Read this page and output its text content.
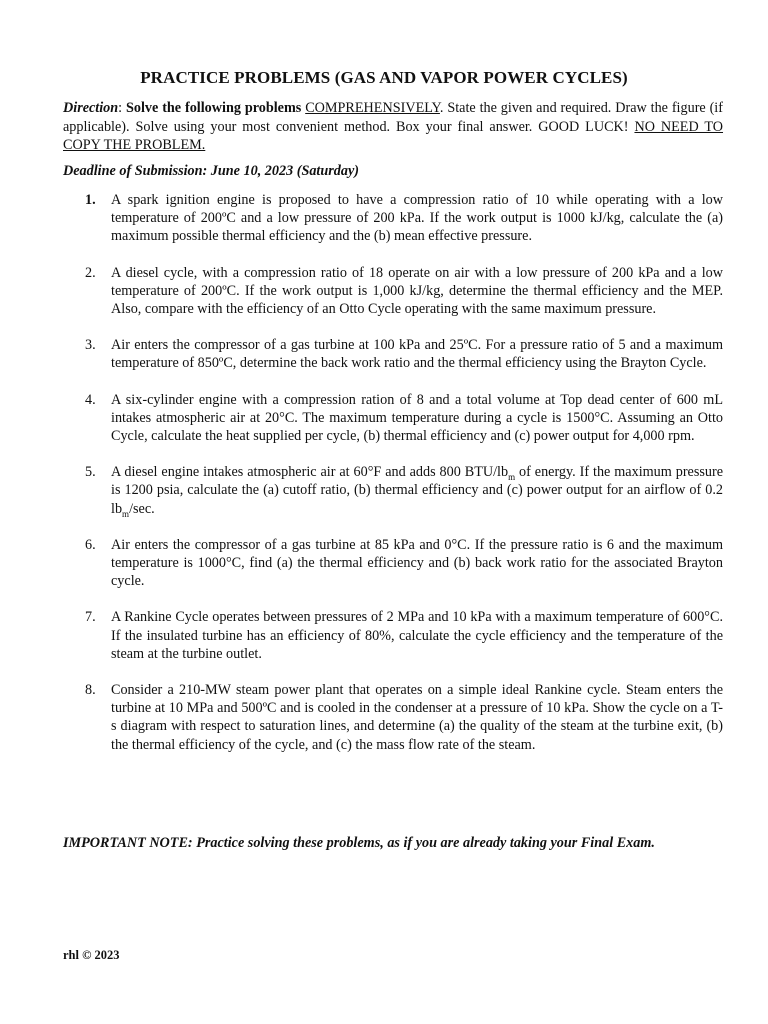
PRACTICE PROBLEMS (GAS AND VAPOR POWER CYCLES)
Direction: Solve the following problems COMPREHENSIVELY. State the given and required. Draw the figure (if applicable). Solve using your most convenient method. Box your final answer. GOOD LUCK! NO NEED TO COPY THE PROBLEM.
Deadline of Submission: June 10, 2023 (Saturday)
1. A spark ignition engine is proposed to have a compression ratio of 10 while operating with a low temperature of 200ºC and a low pressure of 200 kPa. If the work output is 1000 kJ/kg, calculate the (a) maximum possible thermal efficiency and the (b) mean effective pressure.
2. A diesel cycle, with a compression ratio of 18 operate on air with a low pressure of 200 kPa and a low temperature of 200ºC. If the work output is 1,000 kJ/kg, determine the thermal efficiency and the MEP. Also, compare with the efficiency of an Otto Cycle operating with the same maximum pressure.
3. Air enters the compressor of a gas turbine at 100 kPa and 25ºC. For a pressure ratio of 5 and a maximum temperature of 850ºC, determine the back work ratio and the thermal efficiency using the Brayton Cycle.
4. A six-cylinder engine with a compression ration of 8 and a total volume at Top dead center of 600 mL intakes atmospheric air at 20°C. The maximum temperature during a cycle is 1500°C. Assuming an Otto Cycle, calculate the heat supplied per cycle, (b) thermal efficiency and (c) power output for 4,000 rpm.
5. A diesel engine intakes atmospheric air at 60°F and adds 800 BTU/$lb_m$ of energy. If the maximum pressure is 1200 psia, calculate the (a) cutoff ratio, (b) thermal efficiency and (c) power output for an airflow of 0.2 $lb_m/\sec$.
6. Air enters the compressor of a gas turbine at 85 kPa and 0°C. If the pressure ratio is 6 and the maximum temperature is 1000°C, find (a) the thermal efficiency and (b) back work ratio for the associated Brayton cycle.
7. A Rankine Cycle operates between pressures of 2 MPa and 10 kPa with a maximum temperature of 600°C. If the insulated turbine has an efficiency of 80%, calculate the cycle efficiency and the temperature of the steam at the turbine outlet.
8. Consider a 210-MW steam power plant that operates on a simple ideal Rankine cycle. Steam enters the turbine at 10 MPa and 500ºC and is cooled in the condenser at a pressure of 10 kPa. Show the cycle on a T-s diagram with respect to saturation lines, and determine (a) the quality of the steam at the turbine exit, (b) the thermal efficiency of the cycle, and (c) the mass flow rate of the steam.
IMPORTANT NOTE: Practice solving these problems, as if you are already taking your Final Exam.
rhl © 2023
